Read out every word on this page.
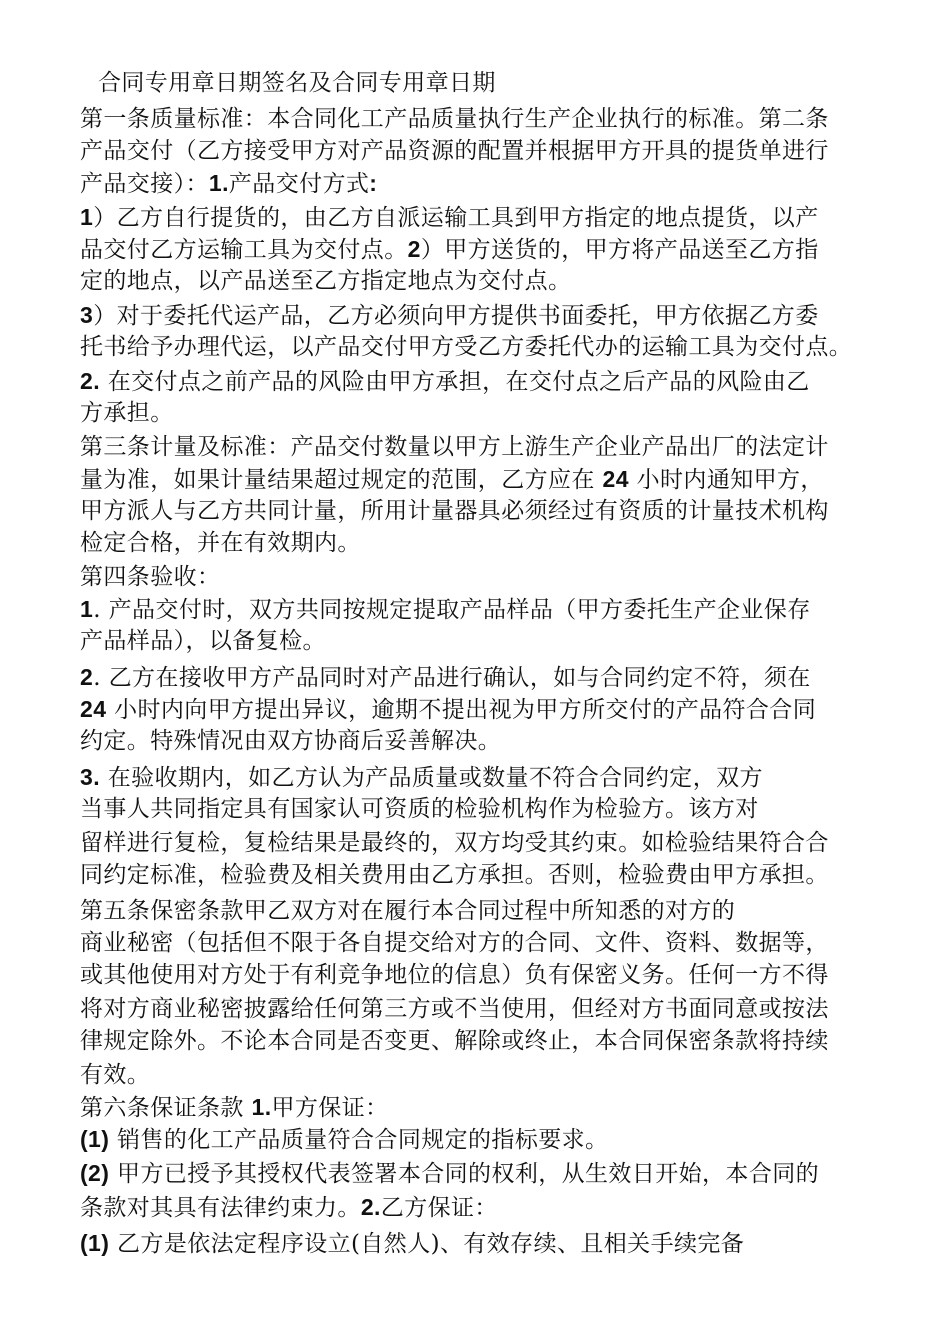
合同专用章日期签名及合同专用章日期
第一条质量标准：本合同化工产品质量执行生产企业执行的标准。第二条
产品交付（乙方接受甲方对产品资源的配置并根据甲方开具的提货单进行
产品交接）：1.产品交付方式:
1）乙方自行提货的，由乙方自派运输工具到甲方指定的地点提货，以产
品交付乙方运输工具为交付点。2）甲方送货的，甲方将产品送至乙方指
定的地点，以产品送至乙方指定地点为交付点。
3）对于委托代运产品，乙方必须向甲方提供书面委托，甲方依据乙方委
托书给予办理代运，以产品交付甲方受乙方委托代办的运输工具为交付点。
2. 在交付点之前产品的风险由甲方承担，在交付点之后产品的风险由乙
方承担。
第三条计量及标准：产品交付数量以甲方上游生产企业产品出厂的法定计
量为准，如果计量结果超过规定的范围，乙方应在 24 小时内通知甲方，
甲方派人与乙方共同计量，所用计量器具必须经过有资质的计量技术机构
检定合格，并在有效期内。
第四条验收：
1. 产品交付时，双方共同按规定提取产品样品（甲方委托生产企业保存
产品样品），以备复检。
2. 乙方在接收甲方产品同时对产品进行确认，如与合同约定不符，须在
24 小时内向甲方提出异议，逾期不提出视为甲方所交付的产品符合合同
约定。特殊情况由双方协商后妥善解决。
3. 在验收期内，如乙方认为产品质量或数量不符合合同约定，双方
当事人共同指定具有国家认可资质的检验机构作为检验方。该方对
留样进行复检，复检结果是最终的，双方均受其约束。如检验结果符合合
同约定标准，检验费及相关费用由乙方承担。否则，检验费由甲方承担。
第五条保密条款甲乙双方对在履行本合同过程中所知悉的对方的
商业秘密（包括但不限于各自提交给对方的合同、文件、资料、数据等，
或其他使用对方处于有利竞争地位的信息）负有保密义务。任何一方不得
将对方商业秘密披露给任何第三方或不当使用，但经对方书面同意或按法
律规定除外。不论本合同是否变更、解除或终止，本合同保密条款将持续
有效。
第六条保证条款 1.甲方保证：
(1) 销售的化工产品质量符合合同规定的指标要求。
(2) 甲方已授予其授权代表签署本合同的权利，从生效日开始，本合同的
条款对其具有法律约束力。2.乙方保证：
(1) 乙方是依法定程序设立(自然人)、有效存续、且相关手续完备
